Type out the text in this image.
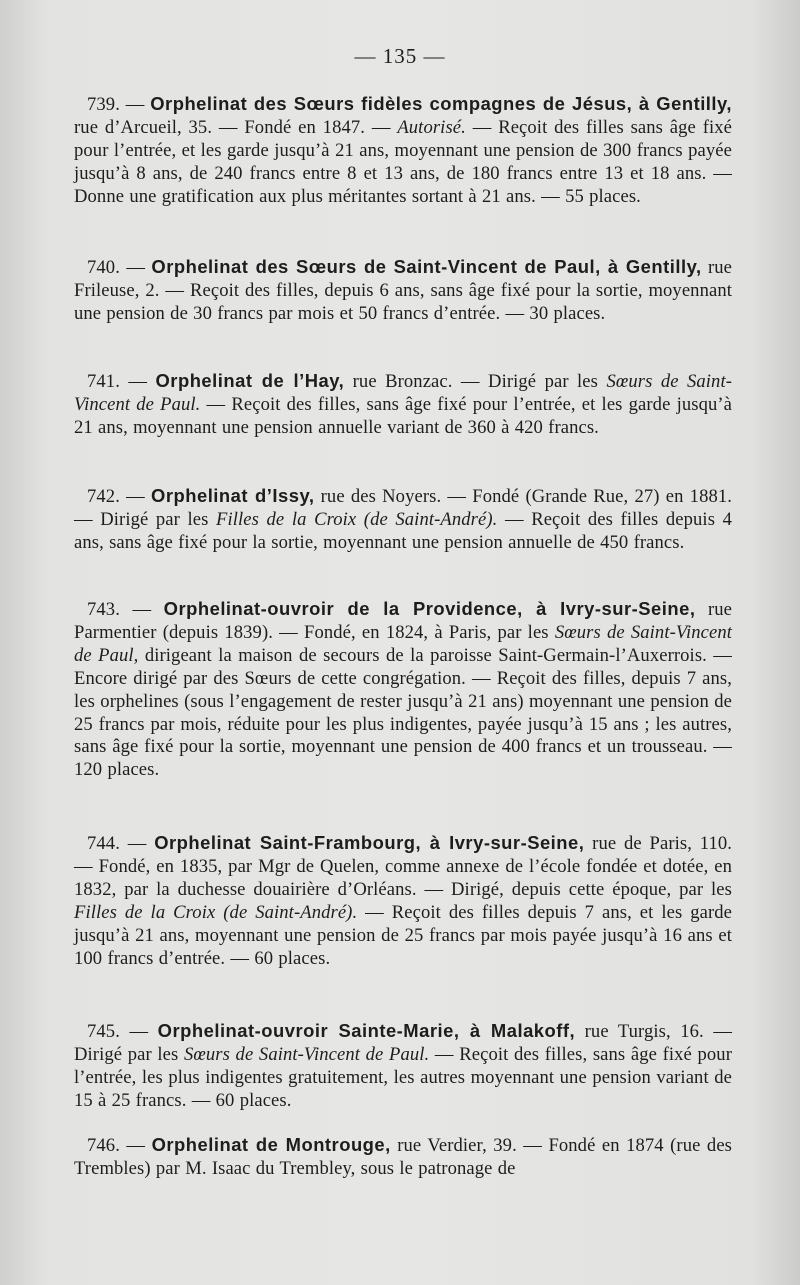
— 135 —
739. — Orphelinat des Sœurs fidèles compagnes de Jésus, à Gentilly, rue d’Arcueil, 35. — Fondé en 1847. — Autorisé. — Reçoit des filles sans âge fixé pour l’entrée, et les garde jusqu’à 21 ans, moyennant une pension de 300 francs payée jusqu’à 8 ans, de 240 francs entre 8 et 13 ans, de 180 francs entre 13 et 18 ans. — Donne une gratification aux plus méritantes sortant à 21 ans. — 55 places.
740. — Orphelinat des Sœurs de Saint-Vincent de Paul, à Gentilly, rue Frileuse, 2. — Reçoit des filles, depuis 6 ans, sans âge fixé pour la sortie, moyennant une pension de 30 francs par mois et 50 francs d’entrée. — 30 places.
741. — Orphelinat de l’Hay, rue Bronzac. — Dirigé par les Sœurs de Saint-Vincent de Paul. — Reçoit des filles, sans âge fixé pour l’entrée, et les garde jusqu’à 21 ans, moyennant une pension annuelle variant de 360 à 420 francs.
742. — Orphelinat d’Issy, rue des Noyers. — Fondé (Grande Rue, 27) en 1881. — Dirigé par les Filles de la Croix (de Saint-André). — Reçoit des filles depuis 4 ans, sans âge fixé pour la sortie, moyennant une pension annuelle de 450 francs.
743. — Orphelinat-ouvroir de la Providence, à Ivry-sur-Seine, rue Parmentier (depuis 1839). — Fondé, en 1824, à Paris, par les Sœurs de Saint-Vincent de Paul, dirigeant la maison de secours de la paroisse Saint-Germain-l’Auxerrois. — Encore dirigé par des Sœurs de cette congrégation. — Reçoit des filles, depuis 7 ans, les orphelines (sous l’engagement de rester jusqu’à 21 ans) moyennant une pension de 25 francs par mois, réduite pour les plus indigentes, payée jusqu’à 15 ans ; les autres, sans âge fixé pour la sortie, moyennant une pension de 400 francs et un trousseau. — 120 places.
744. — Orphelinat Saint-Frambourg, à Ivry-sur-Seine, rue de Paris, 110. — Fondé, en 1835, par Mgr de Quelen, comme annexe de l’école fondée et dotée, en 1832, par la duchesse douairière d’Orléans. — Dirigé, depuis cette époque, par les Filles de la Croix (de Saint-André). — Reçoit des filles depuis 7 ans, et les garde jusqu’à 21 ans, moyennant une pension de 25 francs par mois payée jusqu’à 16 ans et 100 francs d’entrée. — 60 places.
745. — Orphelinat-ouvroir Sainte-Marie, à Malakoff, rue Turgis, 16. — Dirigé par les Sœurs de Saint-Vincent de Paul. — Reçoit des filles, sans âge fixé pour l’entrée, les plus indigentes gratuitement, les autres moyennant une pension variant de 15 à 25 francs. — 60 places.
746. — Orphelinat de Montrouge, rue Verdier, 39. — Fondé en 1874 (rue des Trembles) par M. Isaac du Trembley, sous le patronage de
